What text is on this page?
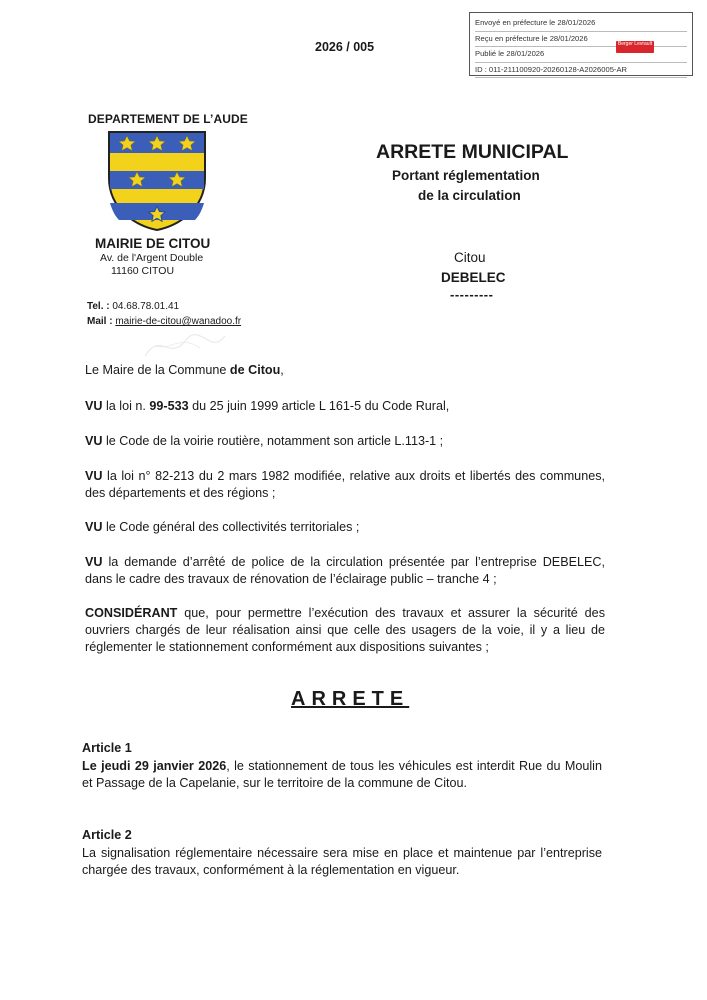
Envoyé en préfecture le 28/01/2026
Reçu en préfecture le 28/01/2026
Publié le 28/01/2026
ID : 011-211100920-20260128-A2026005-AR
Berger Levrault
2026 / 005
DEPARTEMENT DE L’AUDE
MAIRIE DE CITOU
Av. de l'Argent Double
11160 CITOU
Tel. : 04.68.78.01.41
Mail : mairie-de-citou@wanadoo.fr
ARRETE MUNICIPAL
Portant réglementation
de la circulation
Citou
DEBELEC
---------
Le Maire de la Commune de Citou,
VU la loi n. 99-533 du 25 juin 1999 article L 161-5 du Code Rural,
VU le Code de la voirie routière, notamment son article L.113-1 ;
VU la loi n° 82-213 du 2 mars 1982 modifiée, relative aux droits et libertés des communes, des départements et des régions ;
VU le Code général des collectivités territoriales ;
VU la demande d’arrêté de police de la circulation présentée par l’entreprise DEBELEC, dans le cadre des travaux de rénovation de l’éclairage public – tranche 4 ;
CONSIDÉRANT que, pour permettre l’exécution des travaux et assurer la sécurité des ouvriers chargés de leur réalisation ainsi que celle des usagers de la voie, il y a lieu de réglementer le stationnement conformément aux dispositions suivantes ;
ARRETE
Article 1
Le jeudi 29 janvier 2026, le stationnement de tous les véhicules est interdit Rue du Moulin et Passage de la Capelanie, sur le territoire de la commune de Citou.
Article 2
La signalisation réglementaire nécessaire sera mise en place et maintenue par l’entreprise chargée des travaux, conformément à la réglementation en vigueur.
